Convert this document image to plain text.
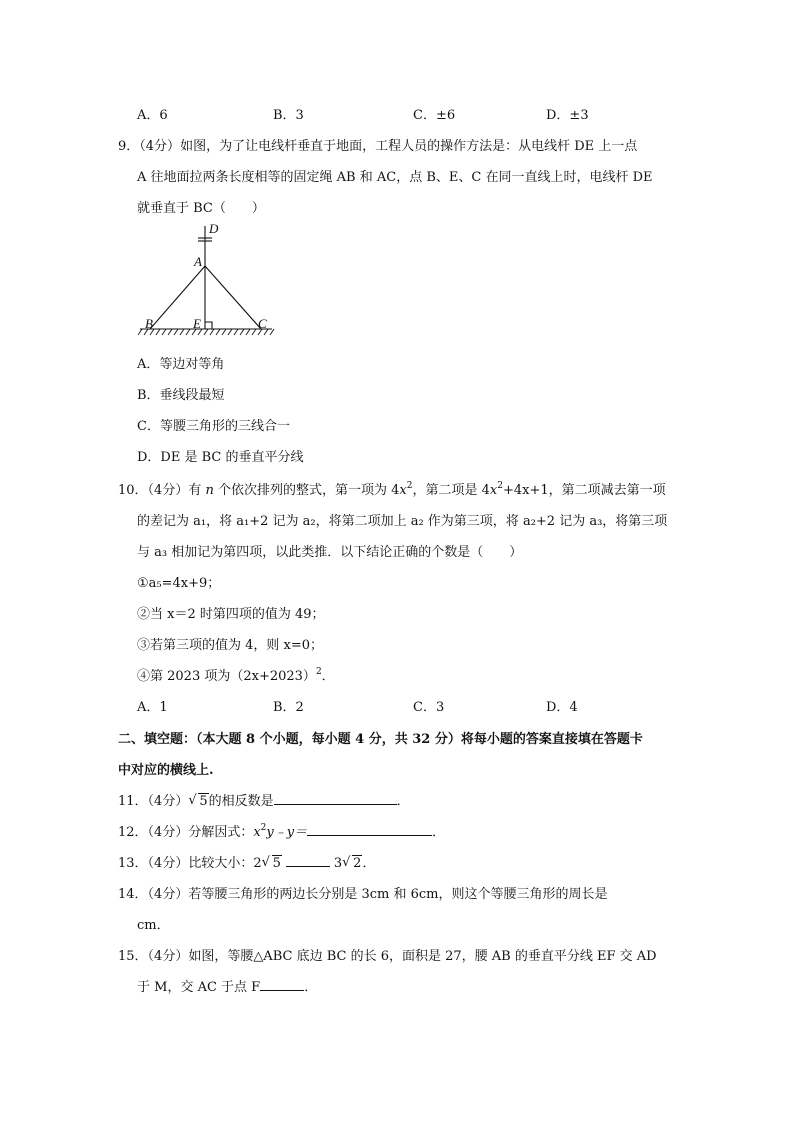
A．6	B．3	C．±6	D．±3
9．（4分）如图，为了让电线杆垂直于地面，工程人员的操作方法是：从电线杆 DE 上一点
A 往地面拉两条长度相等的固定绳 AB 和 AC，点 B、E、C 在同一直线上时，电线杆 DE
就垂直于 BC（　　）
D
A
B	E	C
A．等边对等角
B．垂线段最短
C．等腰三角形的三线合一
D．DE 是 BC 的垂直平分线
10．（4分）有 n 个依次排列的整式，第一项为 $4x^2$，第二项是 $4x^2+4x+1$，第二项减去第一项
的差记为 a₁，将 a₁+2 记为 a₂，将第二项加上 a₂ 作为第三项，将 a₂+2 记为 a₃，将第三项
与 a₃ 相加记为第四项，以此类推．以下结论正确的个数是（　　）
①a₅=4x+9；
②当 x＝2 时第四项的值为 49；
③若第三项的值为 4，则 x=0；
④第 2023 项为$(2x+2023)^2$．
A．1	B．2	C．3	D．4
二、填空题：（本大题 8 个小题，每小题 4 分，共 32 分）将每小题的答案直接填在答题卡
中对应的横线上.
11．（4分） √ 5的相反数是	．
12．（4分）分解因式：$x^2y﹣y=$	．
13．（4分）比较大小：2 √ 5	3 √ 2．
14．（4分）若等腰三角形的两边长分别是 3cm 和 6cm，则这个等腰三角形的周长是
cm．
15．（4分）如图，等腰△ABC 底边 BC 的长 6，面积是 27，腰 AB 的垂直平分线 EF 交 AD
于 M，交 AC 于点 F	．
